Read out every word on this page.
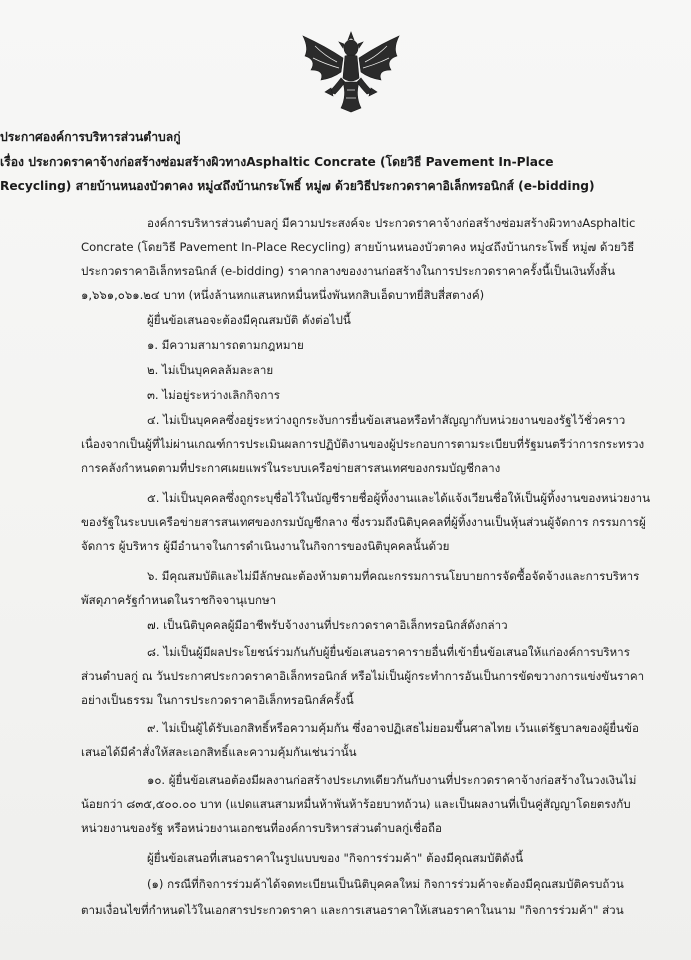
ประกาศองค์การบริหารส่วนตำบลกู่
เรื่อง ประกวดราคาจ้างก่อสร้างซ่อมสร้างผิวทางAsphaltic Concrate (โดยวิธี Pavement In-Place
Recycling) สายบ้านหนองบัวตาคง หมู่๔ถึงบ้านกระโพธิ์ หมู่๗ ด้วยวิธีประกวดราคาอิเล็กทรอนิกส์ (e-bidding)
องค์การบริหารส่วนตำบลกู่ มีความประสงค์จะ ประกวดราคาจ้างก่อสร้างซ่อมสร้างผิวทางAsphaltic
Concrate (โดยวิธี Pavement In-Place Recycling) สายบ้านหนองบัวตาคง หมู่๔ถึงบ้านกระโพธิ์ หมู่๗ ด้วยวิธี
ประกวดราคาอิเล็กทรอนิกส์ (e-bidding) ราคากลางของงานก่อสร้างในการประกวดราคาครั้งนี้เป็นเงินทั้งสิ้น
๑,๖๖๑,๐๖๑.๒๔ บาท (หนึ่งล้านหกแสนหกหมื่นหนึ่งพันหกสิบเอ็ดบาทยี่สิบสี่สตางค์)
ผู้ยื่นข้อเสนอจะต้องมีคุณสมบัติ ดังต่อไปนี้
๑. มีความสามารถตามกฎหมาย
๒. ไม่เป็นบุคคลล้มละลาย
๓. ไม่อยู่ระหว่างเลิกกิจการ
๔. ไม่เป็นบุคคลซึ่งอยู่ระหว่างถูกระงับการยื่นข้อเสนอหรือทำสัญญากับหน่วยงานของรัฐไว้ชั่วคราว
เนื่องจากเป็นผู้ที่ไม่ผ่านเกณฑ์การประเมินผลการปฏิบัติงานของผู้ประกอบการตามระเบียบที่รัฐมนตรีว่าการกระทรวง
การคลังกำหนดตามที่ประกาศเผยแพร่ในระบบเครือข่ายสารสนเทศของกรมบัญชีกลาง
๕. ไม่เป็นบุคคลซึ่งถูกระบุชื่อไว้ในบัญชีรายชื่อผู้ทิ้งงานและได้แจ้งเวียนชื่อให้เป็นผู้ทิ้งงานของหน่วยงาน
ของรัฐในระบบเครือข่ายสารสนเทศของกรมบัญชีกลาง ซึ่งรวมถึงนิติบุคคลที่ผู้ทิ้งงานเป็นหุ้นส่วนผู้จัดการ กรรมการผู้
จัดการ ผู้บริหาร ผู้มีอำนาจในการดำเนินงานในกิจการของนิติบุคคลนั้นด้วย
๖. มีคุณสมบัติและไม่มีลักษณะต้องห้ามตามที่คณะกรรมการนโยบายการจัดซื้อจัดจ้างและการบริหาร
พัสดุภาครัฐกำหนดในราชกิจจานุเบกษา
๗. เป็นนิติบุคคลผู้มีอาชีพรับจ้างงานที่ประกวดราคาอิเล็กทรอนิกส์ดังกล่าว
๘. ไม่เป็นผู้มีผลประโยชน์ร่วมกันกับผู้ยื่นข้อเสนอราคารายอื่นที่เข้ายื่นข้อเสนอให้แก่องค์การบริหาร
ส่วนตำบลกู่ ณ วันประกาศประกวดราคาอิเล็กทรอนิกส์ หรือไม่เป็นผู้กระทำการอันเป็นการขัดขวางการแข่งขันราคา
อย่างเป็นธรรม ในการประกวดราคาอิเล็กทรอนิกส์ครั้งนี้
๙. ไม่เป็นผู้ได้รับเอกสิทธิ์หรือความคุ้มกัน ซึ่งอาจปฏิเสธไม่ยอมขึ้นศาลไทย เว้นแต่รัฐบาลของผู้ยื่นข้อ
เสนอได้มีคำสั่งให้สละเอกสิทธิ์และความคุ้มกันเช่นว่านั้น
๑๐. ผู้ยื่นข้อเสนอต้องมีผลงานก่อสร้างประเภทเดียวกันกับงานที่ประกวดราคาจ้างก่อสร้างในวงเงินไม่
น้อยกว่า ๘๓๕,๕๐๐.๐๐ บาท (แปดแสนสามหมื่นห้าพันห้าร้อยบาทถ้วน) และเป็นผลงานที่เป็นคู่สัญญาโดยตรงกับ
หน่วยงานของรัฐ หรือหน่วยงานเอกชนที่องค์การบริหารส่วนตำบลกู่เชื่อถือ
ผู้ยื่นข้อเสนอที่เสนอราคาในรูปแบบของ "กิจการร่วมค้า" ต้องมีคุณสมบัติดังนี้
(๑) กรณีที่กิจการร่วมค้าได้จดทะเบียนเป็นนิติบุคคลใหม่ กิจการร่วมค้าจะต้องมีคุณสมบัติครบถ้วน
ตามเงื่อนไขที่กำหนดไว้ในเอกสารประกวดราคา และการเสนอราคาให้เสนอราคาในนาม "กิจการร่วมค้า" ส่วน
